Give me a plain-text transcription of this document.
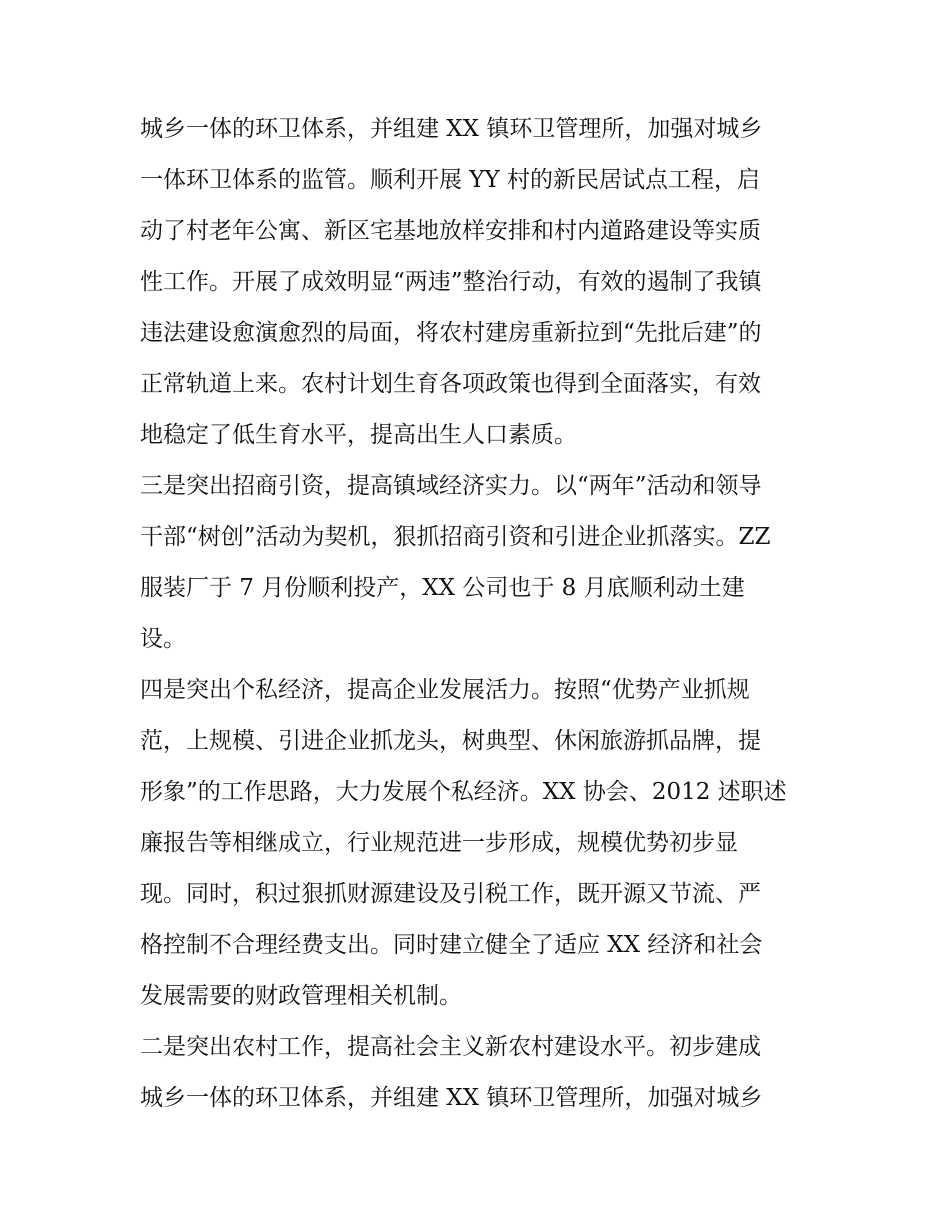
城乡一体的环卫体系，并组建 XX 镇环卫管理所，加强对城乡
一体环卫体系的监管。顺利开展 YY 村的新民居试点工程，启
动了村老年公寓、新区宅基地放样安排和村内道路建设等实质
性工作。开展了成效明显“两违”整治行动，有效的遏制了我镇
违法建设愈演愈烈的局面，将农村建房重新拉到“先批后建”的
正常轨道上来。农村计划生育各项政策也得到全面落实，有效
地稳定了低生育水平，提高出生人口素质。
三是突出招商引资，提高镇域经济实力。以“两年”活动和领导
干部“树创”活动为契机，狠抓招商引资和引进企业抓落实。ZZ
服装厂于 7 月份顺利投产，XX 公司也于 8 月底顺利动土建
设。
四是突出个私经济，提高企业发展活力。按照“优势产业抓规
范，上规模、引进企业抓龙头，树典型、休闲旅游抓品牌，提
形象”的工作思路，大力发展个私经济。XX 协会、2012 述职述
廉报告等相继成立，行业规范进一步形成，规模优势初步显
现。同时，积过狠抓财源建设及引税工作，既开源又节流、严
格控制不合理经费支出。同时建立健全了适应 XX 经济和社会
发展需要的财政管理相关机制。
二是突出农村工作，提高社会主义新农村建设水平。初步建成
城乡一体的环卫体系，并组建 XX 镇环卫管理所，加强对城乡
